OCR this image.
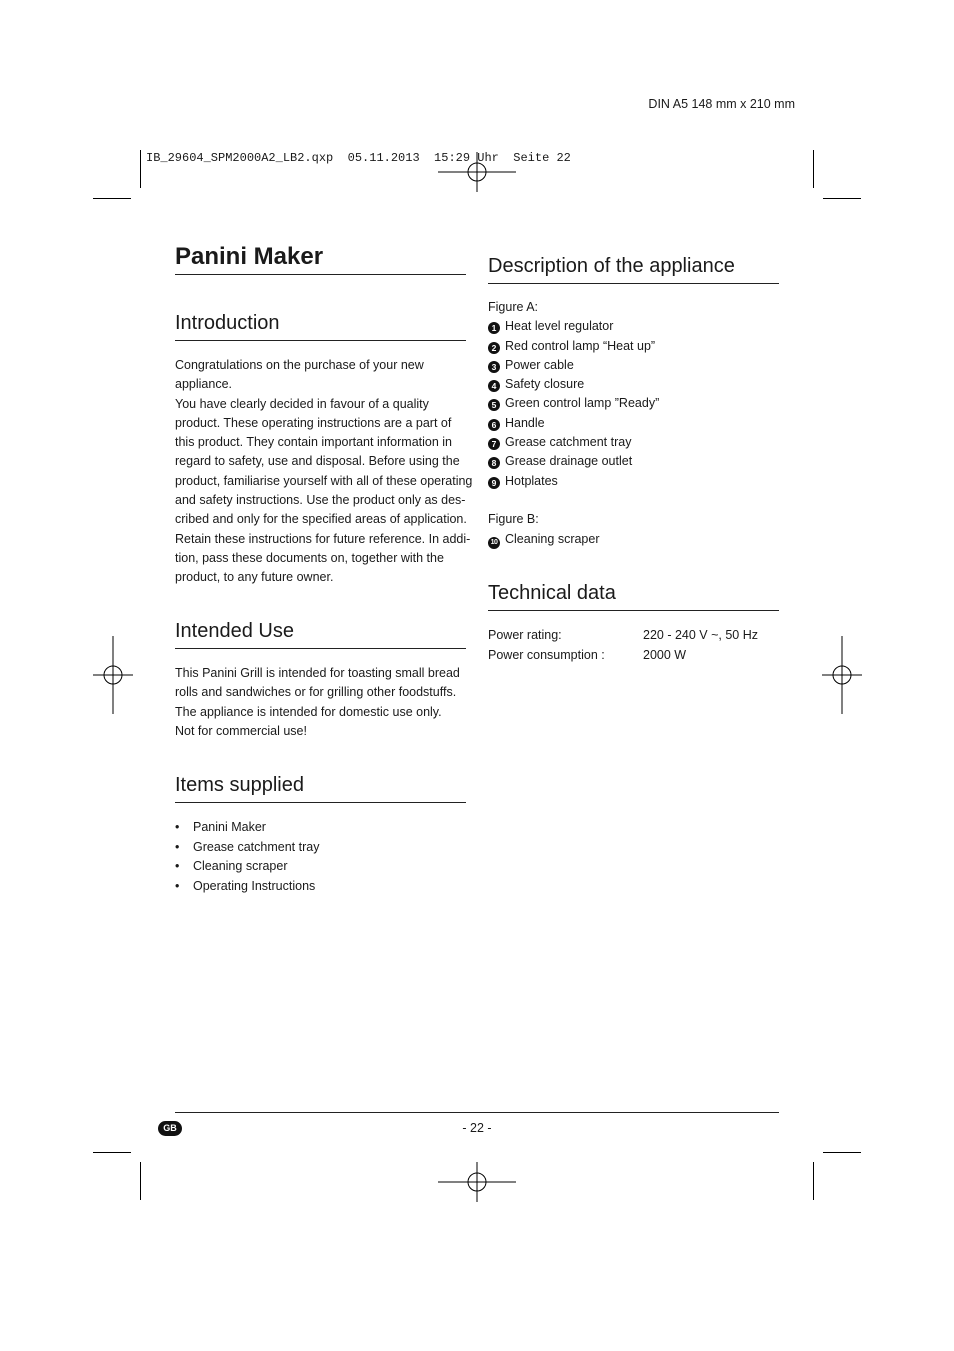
DIN A5 148 mm x 210 mm
IB_29604_SPM2000A2_LB2.qxp  05.11.2013  15:29 Uhr  Seite 22
Panini Maker
Introduction
Congratulations on the purchase of your new
appliance.
You have clearly decided in favour of a quality
product. These operating instructions are a part of
this product. They contain important information in
regard to safety, use and disposal. Before using the
product, familiarise yourself with all of these operating
and safety instructions. Use the product only as des-
cribed and only for the specified areas of application.
Retain these instructions for future reference. In addi-
tion, pass these documents on, together with the
product, to any future owner.
Intended Use
This Panini Grill is intended for toasting small bread
rolls and sandwiches or for grilling other foodstuffs.
The appliance is intended for domestic use only.
Not for commercial use!
Items supplied
•	Panini Maker
•	Grease catchment tray
•	Cleaning scraper
•	Operating Instructions
Description of the appliance
Figure A:
1 Heat level regulator
2 Red control lamp “Heat up”
3 Power cable
4 Safety closure
5 Green control lamp ”Ready”
6 Handle
7 Grease catchment tray
8 Grease drainage outlet
9 Hotplates
Figure B:
10 Cleaning scraper
Technical data
Power rating:	220 - 240 V ~, 50 Hz
Power consumption :	2000 W
GB	- 22 -
